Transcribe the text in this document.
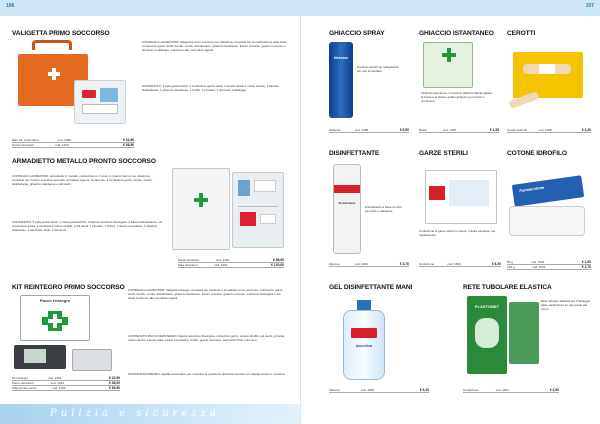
106
VALIGETTA PRIMO SOCCORSO
CONSIGLIO LAVORATORI: Valigetta pronto soccorso con dotazione completa per la medicazione delle ferite, contenente garze sterili, bende, cerotti, disinfettante, ghiaccio istantaneo, forbici, pinzette, guanti monouso e istruzioni multilingue. Conforme alle normative vigenti.
CONTENUTO: 2 paia guanti sterili, 1 confezione garze sterili, 1 benda orlata, 1 rotolo cerotto, 1 flacone disinfettante, 1 ghiaccio istantaneo, 1 forbici, 1 pinzetta, 1 istruzioni multilingue.
Maxi all. 3 lavoratori	cod. 1489	€ 31,90
Pronto lavoratori	cod. 1490	€ 26,50
ARMADIETTO METALLO PRONTO SOCCORSO
CONSIGLIO LAVORATORI: armadietto in metallo, colore bianco, 2 ante, 1 ripiano interno con dotazione completa per il primo soccorso secondo normativa vigente. Contenuto: 1 confezione garze, bende, cerotti, disinfettante, ghiaccio istantaneo e teli sterili.
CONTENUTO: 5 paia guanti sterili, 1 visiera paraschizzi, 3 flaconi soluzione fisiologica, 2 flaconi disinfettante, 10 compresse garza, 2 confezioni cotone idrofilo, 2 teli sterili, 1 pinzette, 1 forbici, 1 laccio emostatico, 2 ghiaccio istantaneo, 1 sacchetto rifiuti, 1 istruzioni.
Medio lavoratori	cod. 1491	€ 89,90
Maxi lavoratori	cod. 1492	€ 120,00
KIT REINTEGRO PRIMO SOCCORSO
Pacco reintegro
CONSIGLIO LAVORATORI: Valigetta reintegro completa per cassette e armadietti primo soccorso. Contenuto: garze sterili, bende, cerotti, disinfettante, ghiaccio istantaneo, forbici, pinzette, guanti monouso, soluzione fisiologica e teli sterili conforme alle normative vigenti.
CONTENUTO PACCO REINTEGRO: flaconi soluzione fisiologica, confezioni garze, cotone idrofilo, teli sterili, pinzette, rotolo cerotto, benda orlata, laccio emostatico, forbici, guanti monouso, sacchetto rifiuti, istruzioni.
SFIGMOMANOMETRO: digitale automatico per misurare la pressione arteriosa al polso con display ampio e memoria.
Kit reintegro	cod. 1493	€ 22,90
Pacco lavoratori	cod. 1494	€ 36,00
Sfigmomanometro	cod. 1495	€ 69,90
Pulizia e sicurezza
107
GHIACCIO SPRAY
Nexcare
Prodotto ad azione refrigerante per uso immediato.
Ghiaccio	cod. 1496	€ 5,50
GHIACCIO ISTANTANEO
Ghiaccio istantaneo in busta di plastica. Basta agitare la busta e si ottiene subito ghiaccio per traumi e contusioni.
Busta	cod. 1497	€ 1,35
CEROTTI
Cerotti assortiti	cod. 1498	€ 3,20
DISINFETTANTE
Disinfettante
Disinfettante a base di cloro per ferite e abrasioni.
Flacone	cod. 1499	€ 3,70
GARZE STERILI
Confezione di garze sterili in cotone, misure assortite, per medicazione.
Confezione	cod. 1500	€ 6,30
COTONE IDROFILO
Farmacotone
50 g	cod. 1501	€ 1,50
100 g	cod. 1502	€ 2,70
GEL DISINFETTANTE MANI
Amuchina
Flacone	cod. 1503	€ 5,10
RETE TUBOLARE ELASTICA
PLASTONET
Rete tubolare elastica per il fissaggio delle medicazioni su ogni parte del corpo.
Confezione	cod. 1504	€ 2,90
